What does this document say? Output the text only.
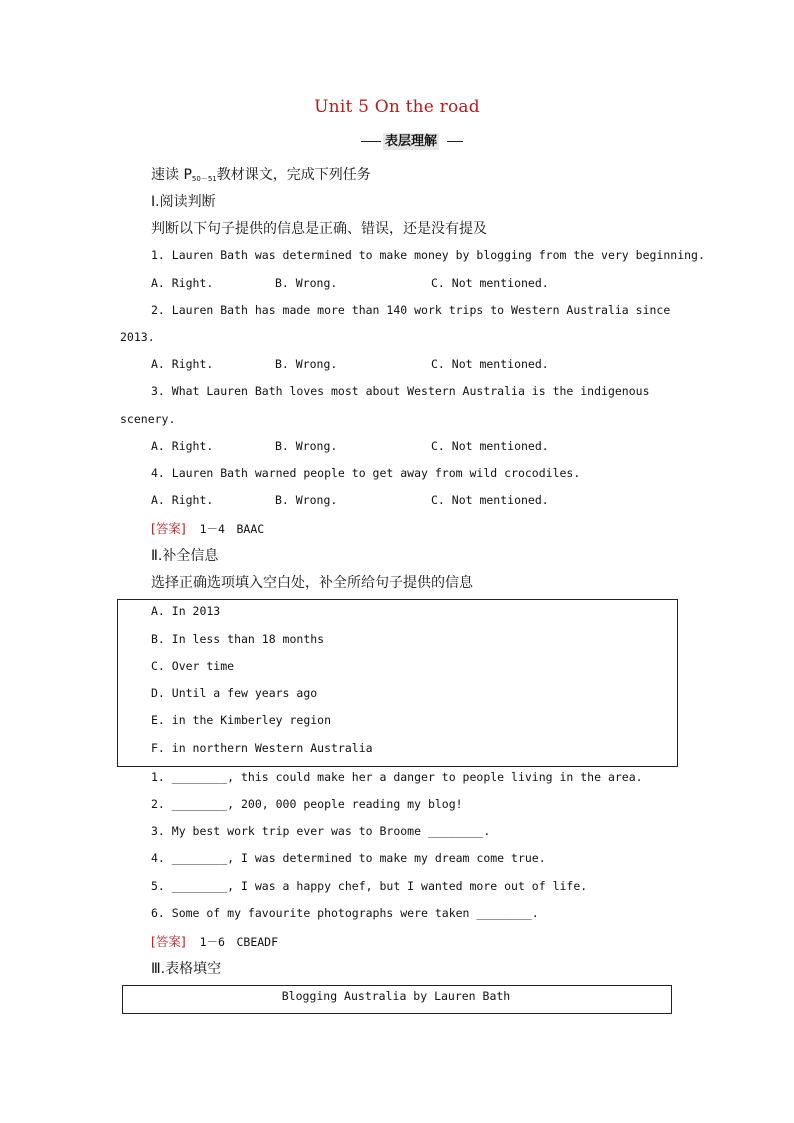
Unit 5 On the road
表层理解
速读 $P_{50-51}$教材课文，完成下列任务
Ⅰ.阅读判断
判断以下句子提供的信息是正确、错误，还是没有提及
1. Lauren Bath was determined to make money by blogging from the very beginning.
A. Right.	B. Wrong.	C. Not mentioned.
2. Lauren Bath has made more than 140 work trips to Western Australia since
2013.
A. Right.	B. Wrong.	C. Not mentioned.
3. What Lauren Bath loves most about Western Australia is the indigenous
scenery.
A. Right.	B. Wrong.	C. Not mentioned.
4. Lauren Bath warned people to get away from wild crocodiles.
A. Right.	B. Wrong.	C. Not mentioned.
[答案] 1－4　BAAC
Ⅱ.补全信息
选择正确选项填入空白处，补全所给句子提供的信息
A. In 2013
B. In less than 18 months
C. Over time
D. Until a few years ago
E. in the Kimberley region
F. in northern Western Australia
1. ________, this could make her a danger to people living in the area.
2. ________, 200, 000 people reading my blog!
3. My best work trip ever was to Broome ________.
4. ________, I was determined to make my dream come true.
5. ________, I was a happy chef, but I wanted more out of life.
6. Some of my favourite photographs were taken ________.
[答案] 1－6　CBEADF
Ⅲ.表格填空
Blogging Australia by Lauren Bath
